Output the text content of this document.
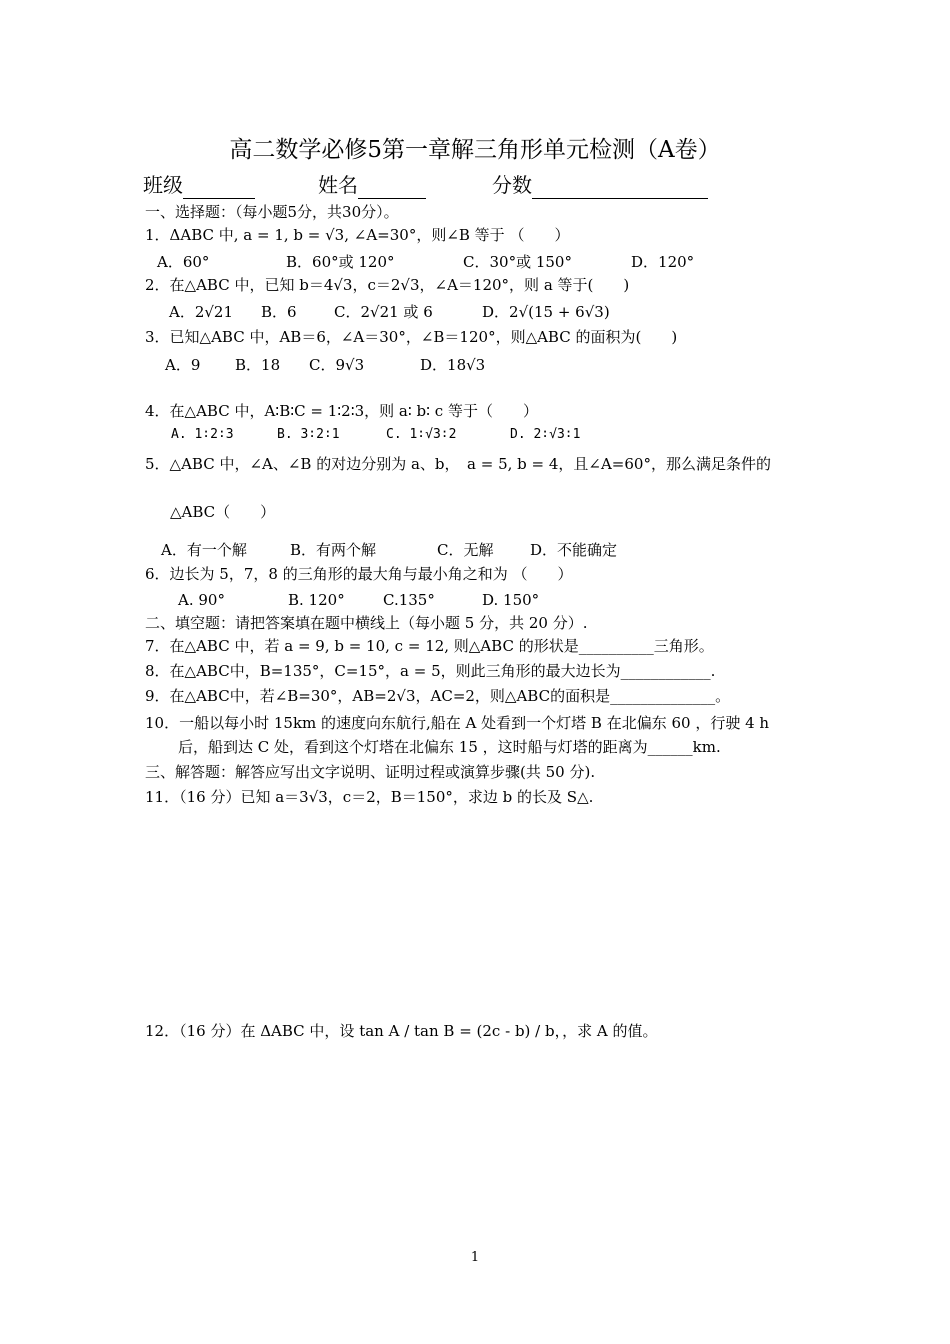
高二数学必修5第一章解三角形单元检测（A卷）
班级	姓名	分数
一、选择题：（每小题5分，共30分）。
1．ΔABC 中, a = 1, b = √3, ∠A=30°，则∠B 等于 （　　）
A．60°	B．60°或 120°	C．30°或 150°	D．120°
2．在△ABC 中，已知 b＝4√3，c＝2√3，∠A＝120°，则 a 等于(　　)
A．2√21 B．6 C．2√21 或 6	D．2√(15 + 6√3)
3．已知△ABC 中，AB＝6，∠A＝30°，∠B＝120°，则△ABC 的面积为(　　)
A．9 B．18 C．9√3	D．18√3
4．在△ABC 中，A∶B∶C = 1∶2∶3，则 a∶ b∶ c 等于（　　）
A. 1∶2∶3	B. 3∶2∶1	C. 1∶√3∶2	D. 2∶√3∶1
5．△ABC 中，∠A、∠B 的对边分别为 a、b，　a = 5, b = 4，且∠A=60°，那么满足条件的
△ABC（　　）
A．有一个解	B．有两个解	C．无解 D．不能确定
6．边长为 5，7，8 的三角形的最大角与最小角之和为 （　　）
A. 90°	B. 120°	C.135°	D. 150°
二、填空题：请把答案填在题中横线上（每小题 5 分，共 20 分）.
7．在△ABC 中，若 a = 9, b = 10, c = 12, 则△ABC 的形状是__________三角形。
8．在△ABC中，B=135°，C=15°，a = 5，则此三角形的最大边长为____________.
9．在△ABC中，若∠B=30°，AB=2√3，AC=2，则△ABC的面积是______________。
10．一船以每小时 15km 的速度向东航行,船在 A 处看到一个灯塔 B 在北偏东 60 ，行驶 4 h
后，船到达 C 处，看到这个灯塔在北偏东 15 ，这时船与灯塔的距离为______km.
三、解答题：解答应写出文字说明、证明过程或演算步骤(共 50 分).
11．（16 分）已知 a＝3√3，c＝2，B＝150°，求边 b 的长及 S△.
12．（16 分）在 ΔABC 中，设 tan A / tan B = (2c - b) / b，，求 A 的值。
1
